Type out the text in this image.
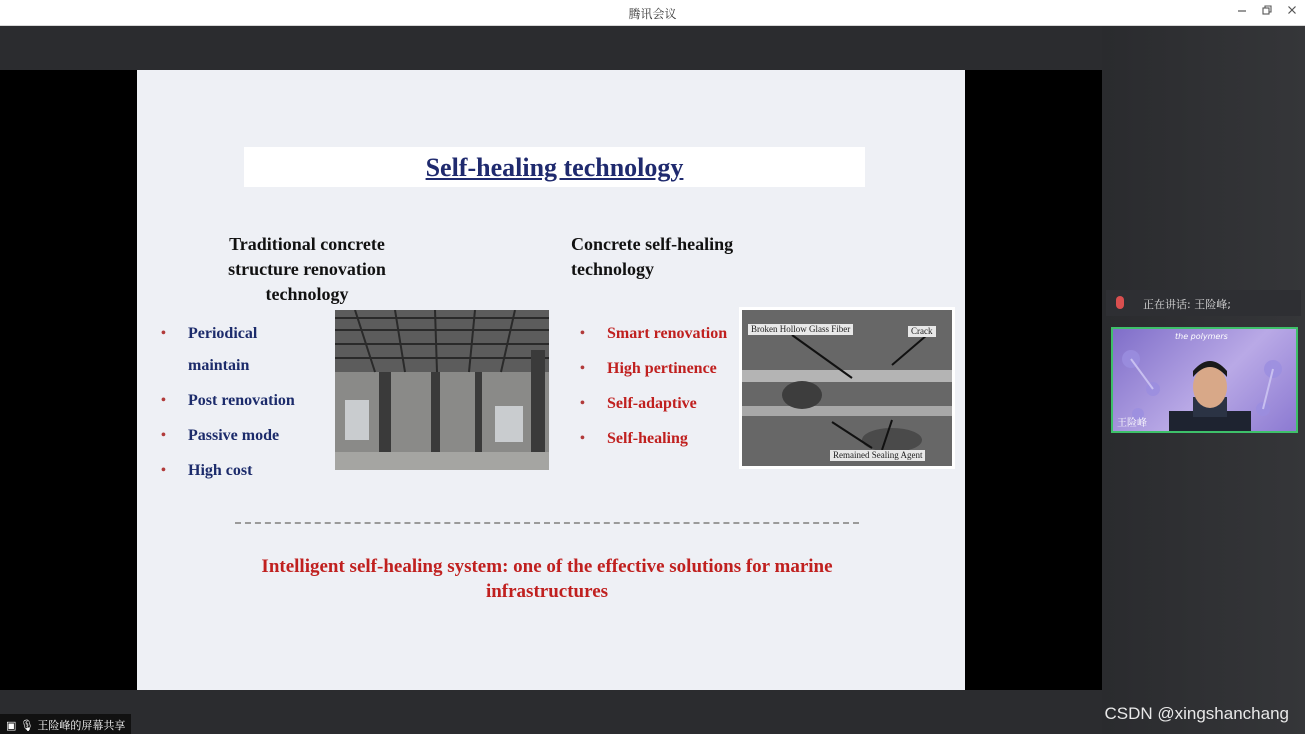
腾讯会议
Self-healing technology
Traditional concrete
structure renovation
technology
• Periodical
maintain
• Post renovation
• Passive mode
• High cost
Concrete self-healing
technology
• Smart renovation
• High pertinence
• Self-adaptive
• Self-healing
Broken Hollow Glass Fiber	Crack
Remained Sealing Agent
Intelligent self-healing system: one of the effective solutions for marine
infrastructures
正在讲话: 王险峰;
the polymers
王险峰
▣ 🎙 王险峰的屏幕共享
CSDN @xingshanchang
